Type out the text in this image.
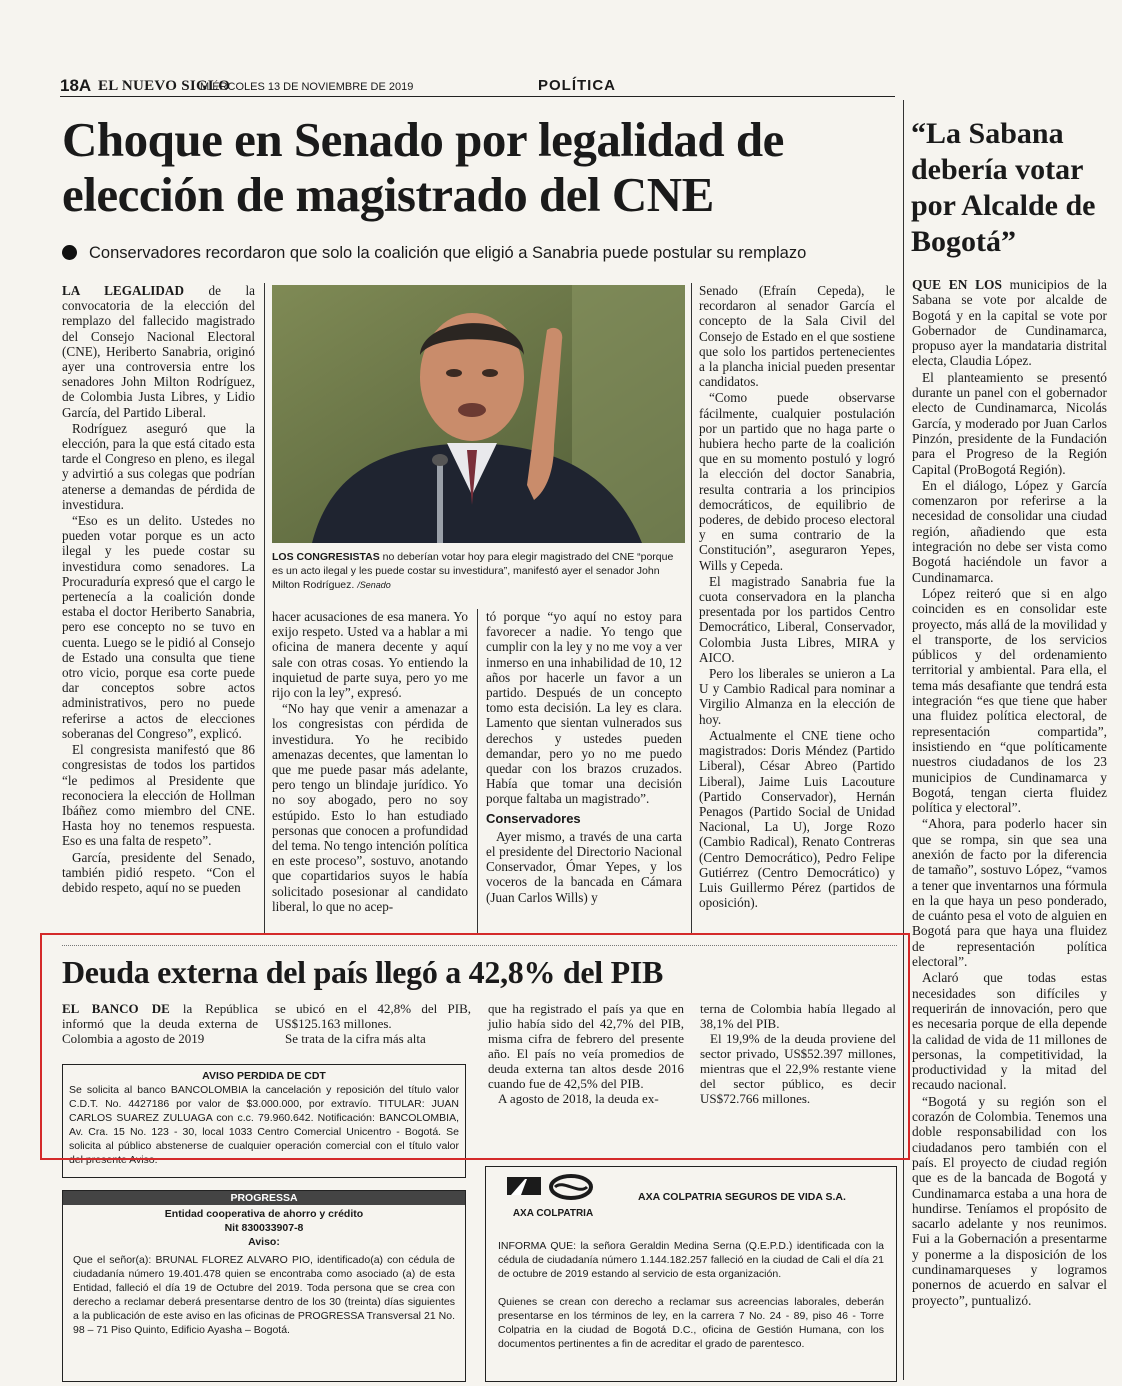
18A EL NUEVO SIGLO
MIÉRCOLES 13 DE NOVIEMBRE DE 2019	POLÍTICA
Choque en Senado por legalidad de elección de magistrado del CNE
Conservadores recordaron que solo la coalición que eligió a Sanabria puede postular su remplazo

LA LEGALIDAD de la convocatoria de la elección del remplazo del fallecido magistrado del Consejo Nacional Electoral (CNE), Heriberto Sanabria, originó ayer una controversia entre los senadores John Milton Rodríguez, de Colombia Justa Libres, y Lidio García, del Partido Liberal.

Rodríguez aseguró que la elección, para la que está citado esta tarde el Congreso en pleno, es ilegal y advirtió a sus colegas que podrían atenerse a demandas de pérdida de investidura.

“Eso es un delito. Ustedes no pueden votar porque es un acto ilegal y les puede costar su investidura como senadores. La Procuraduría expresó que el cargo le pertenecía a la coalición donde estaba el doctor Heriberto Sanabria, pero ese concepto no se tuvo en cuenta. Luego se le pidió al Consejo de Estado una consulta que tiene otro vicio, porque esa corte puede dar conceptos sobre actos administrativos, pero no puede referirse a actos de elecciones soberanas del Congreso”, explicó.

El congresista manifestó que 86 congresistas de todos los partidos “le pedimos al Presidente que reconociera la elección de Hollman Ibáñez como miembro del CNE. Hasta hoy no tenemos respuesta. Eso es una falta de respeto”.

García, presidente del Senado, también pidió respeto. “Con el debido respeto, aquí no se pueden

LOS CONGRESISTAS no deberían votar hoy para elegir magistrado del CNE “porque es un acto ilegal y les puede costar su investidura”, manifestó ayer el senador John Milton Rodríguez. /Senado

hacer acusaciones de esa manera. Yo exijo respeto. Usted va a hablar a mi oficina de manera decente y aquí sale con otras cosas. Yo entiendo la inquietud de parte suya, pero yo me rijo con la ley”, expresó.

“No hay que venir a amenazar a los congresistas con pérdida de investidura. Yo he recibido amenazas decentes, que lamentan lo que me puede pasar más adelante, pero tengo un blindaje jurídico. Yo no soy abogado, pero no soy estúpido. Esto lo han estudiado personas que conocen a profundidad del tema. No tengo intención política en este proceso”, sostuvo, anotando que copartidarios suyos le había solicitado posesionar al candidato liberal, lo que no acep-

tó porque “yo aquí no estoy para favorecer a nadie. Yo tengo que cumplir con la ley y no me voy a ver inmerso en una inhabilidad de 10, 12 años por hacerle un favor a un partido. Después de un concepto tomo esta decisión. La ley es clara. Lamento que sientan vulnerados sus derechos y ustedes pueden demandar, pero yo no me puedo quedar con los brazos cruzados. Había que tomar una decisión porque faltaba un magistrado”.

Conservadores

Ayer mismo, a través de una carta el presidente del Directorio Nacional Conservador, Ómar Yepes, y los voceros de la bancada en Cámara (Juan Carlos Wills) y

Senado (Efraín Cepeda), le recordaron al senador García el concepto de la Sala Civil del Consejo de Estado en el que sostiene que solo los partidos pertenecientes a la plancha inicial pueden presentar candidatos.

“Como puede observarse fácilmente, cualquier postulación por un partido que no haga parte o hubiera hecho parte de la coalición que en su momento postuló y logró la elección del doctor Sanabria, resulta contraria a los principios democráticos, de equilibrio de poderes, de debido proceso electoral y en suma contrario de la Constitución”, aseguraron Yepes, Wills y Cepeda.

El magistrado Sanabria fue la cuota conservadora en la plancha presentada por los partidos Centro Democrático, Liberal, Conservador, Colombia Justa Libres, MIRA y AICO.

Pero los liberales se unieron a La U y Cambio Radical para nominar a Virgilio Almanza en la elección de hoy.

Actualmente el CNE tiene ocho magistrados: Doris Méndez (Partido Liberal), César Abreo (Partido Liberal), Jaime Luis Lacouture (Partido Conservador), Hernán Penagos (Partido Social de Unidad Nacional, La U), Jorge Rozo (Cambio Radical), Renato Contreras (Centro Democrático), Pedro Felipe Gutiérrez (Centro Democrático) y Luis Guillermo Pérez (partidos de oposición).

“La Sabana debería votar por Alcalde de Bogotá”

QUE EN LOS municipios de la Sabana se vote por alcalde de Bogotá y en la capital se vote por Gobernador de Cundinamarca, propuso ayer la mandataria distrital electa, Claudia López.

El planteamiento se presentó durante un panel con el gobernador electo de Cundinamarca, Nicolás García, y moderado por Juan Carlos Pinzón, presidente de la Fundación para el Progreso de la Región Capital (ProBogotá Región).

En el diálogo, López y García comenzaron por referirse a la necesidad de consolidar una ciudad región, añadiendo que esta integración no debe ser vista como Bogotá haciéndole un favor a Cundinamarca.

López reiteró que si en algo coinciden es en consolidar este proyecto, más allá de la movilidad y el transporte, de los servicios públicos y del ordenamiento territorial y ambiental. Para ella, el tema más desafiante que tendrá esta integración “es que tiene que haber una fluidez política electoral, de representación compartida”, insistiendo en “que políticamente nuestros ciudadanos de los 23 municipios de Cundinamarca y Bogotá, tengan cierta fluidez política y electoral”.

“Ahora, para poderlo hacer sin que se rompa, sin que sea una anexión de facto por la diferencia de tamaño”, sostuvo López, “vamos a tener que inventarnos una fórmula en la que haya un peso ponderado, de cuánto pesa el voto de alguien en Bogotá para que haya una fluidez de representación política electoral”.

Aclaró que todas estas necesidades son difíciles y requerirán de innovación, pero que es necesaria porque de ella depende la calidad de vida de 11 millones de personas, la competitividad, la productividad y la mitad del recaudo nacional.

“Bogotá y su región son el corazón de Colombia. Tenemos una doble responsabilidad con los ciudadanos pero también con el país. El proyecto de ciudad región que es de la bancada de Bogotá y Cundinamarca estaba a una hora de hundirse. Teníamos el propósito de sacarlo adelante y nos reunimos. Fui a la Gobernación a presentarme y ponerme a la disposición de los cundinamarqueses y logramos ponernos de acuerdo en salvar el proyecto”, puntualizó.

Deuda externa del país llegó a 42,8% del PIB

EL BANCO DE la República informó que la deuda externa de Colombia a agosto de 2019

se ubicó en el 42,8% del PIB, US$125.163 millones.

Se trata de la cifra más alta

que ha registrado el país ya que en julio había sido del 42,7% del PIB, misma cifra de febrero del presente año. El país no veía promedios de deuda externa tan altos desde 2016 cuando fue de 42,5% del PIB.

A agosto de 2018, la deuda ex-

terna de Colombia había llegado al 38,1% del PIB.

El 19,9% de la deuda proviene del sector privado, US$52.397 millones, mientras que el 22,9% restante viene del sector público, es decir US$72.766 millones.

AVISO PERDIDA DE CDT
Se solicita al banco BANCOLOMBIA la cancelación y reposición del título valor C.D.T. No. 4427186 por valor de $3.000.000, por extravío. TITULAR: JUAN CARLOS SUAREZ ZULUAGA con c.c. 79.960.642. Notificación: BANCOLOMBIA, Av. Cra. 15 No. 123 - 30, local 1033 Centro Comercial Unicentro - Bogotá. Se solicita al público abstenerse de cualquier operación comercial con el título valor del presente Aviso.
PROGRESSA
Entidad cooperativa de ahorro y crédito
Nit 830033907-8
Aviso:
Que el señor(a): BRUNAL FLOREZ ALVARO PIO, identificado(a) con cédula de ciudadanía número 19.401.478 quien se encontraba como asociado (a) de esta Entidad, falleció el día 19 de Octubre del 2019. Toda persona que se crea con derecho a reclamar deberá presentarse dentro de los 30 (treinta) días siguientes a la publicación de este aviso en las oficinas de PROGRESSA Transversal 21 No. 98 – 71 Piso Quinto, Edificio Ayasha – Bogotá.
AXA COLPATRIA
AXA COLPATRIA SEGUROS DE VIDA S.A.
INFORMA QUE: la señora Geraldin Medina Serna (Q.E.P.D.) identificada con la cédula de ciudadanía número 1.144.182.257 falleció en la ciudad de Cali el día 21 de octubre de 2019 estando al servicio de esta organización.
Quienes se crean con derecho a reclamar sus acreencias laborales, deberán presentarse en los términos de ley, en la carrera 7 No. 24 - 89, piso 46 - Torre Colpatria en la ciudad de Bogotá D.C., oficina de Gestión Humana, con los documentos pertinentes a fin de acreditar el grado de parentesco.
